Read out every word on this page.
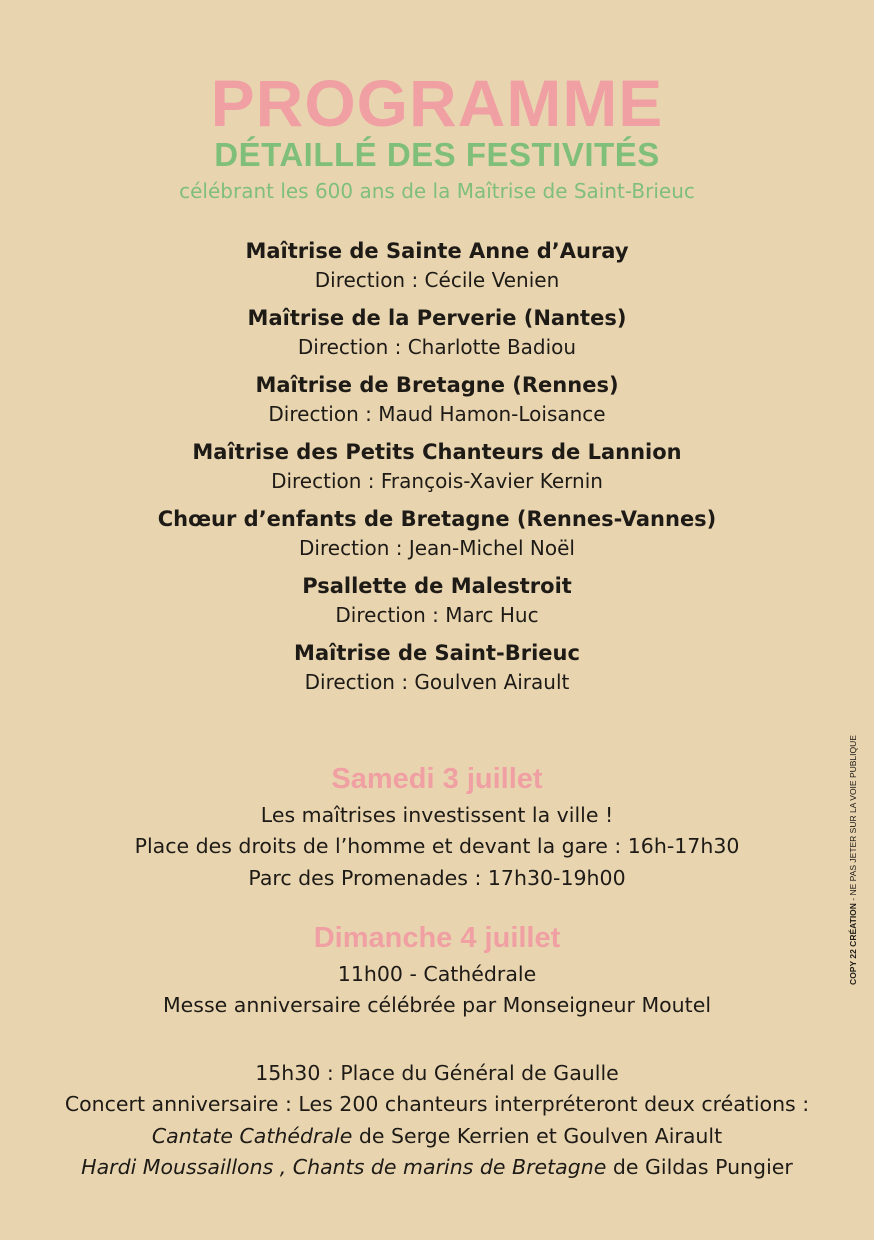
PROGRAMME
DÉTAILLÉ DES FESTIVITÉS
célébrant les 600 ans de la Maîtrise de Saint-Brieuc
Maîtrise de Sainte Anne d’Auray
Direction : Cécile Venien
Maîtrise de la Perverie (Nantes)
Direction : Charlotte Badiou
Maîtrise de Bretagne (Rennes)
Direction : Maud Hamon-Loisance
Maîtrise des Petits Chanteurs de Lannion
Direction : François-Xavier Kernin
Chœur d’enfants de Bretagne (Rennes-Vannes)
Direction : Jean-Michel Noël
Psallette de Malestroit
Direction : Marc Huc
Maîtrise de Saint-Brieuc
Direction : Goulven Airault
Samedi 3 juillet
Les maîtrises investissent la ville !
Place des droits de l’homme et devant la gare : 16h-17h30
Parc des Promenades : 17h30-19h00
Dimanche 4 juillet
11h00 - Cathédrale
Messe anniversaire célébrée par Monseigneur Moutel
15h30 : Place du Général de Gaulle
Concert anniversaire : Les 200 chanteurs interpréteront deux créations :
Cantate Cathédrale de Serge Kerrien et Goulven Airault
Hardi Moussaillons , Chants de marins de Bretagne de Gildas Pungier
COPY 22 CRÉATION - NE PAS JETER SUR LA VOIE PUBLIQUE
